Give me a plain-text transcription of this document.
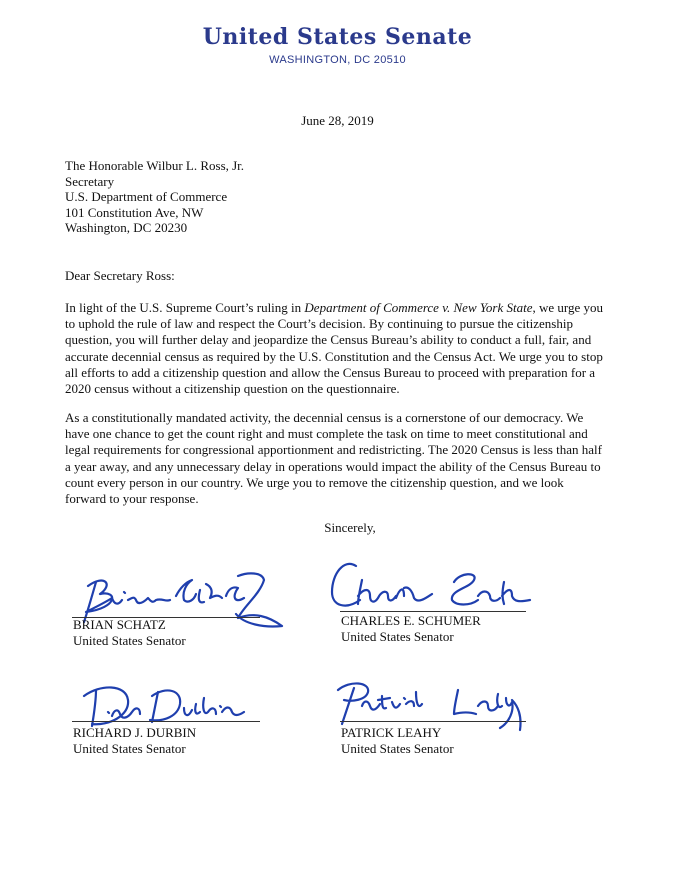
United States Senate
WASHINGTON, DC 20510
June 28, 2019
The Honorable Wilbur L. Ross, Jr.
Secretary
U.S. Department of Commerce
101 Constitution Ave, NW
Washington, DC 20230
Dear Secretary Ross:

In light of the U.S. Supreme Court’s ruling in Department of Commerce v. New York State, we urge you to uphold the rule of law and respect the Court’s decision. By continuing to pursue the citizenship question, you will further delay and jeopardize the Census Bureau’s ability to conduct a full, fair, and accurate decennial census as required by the U.S. Constitution and the Census Act. We urge you to stop all efforts to add a citizenship question and allow the Census Bureau to proceed with preparation for a 2020 census without a citizenship question on the questionnaire.

As a constitutionally mandated activity, the decennial census is a cornerstone of our democracy. We have one chance to get the count right and must complete the task on time to meet constitutional and legal requirements for congressional apportionment and redistricting. The 2020 Census is less than half a year away, and any unnecessary delay in operations would impact the ability of the Census Bureau to count every person in our country. We urge you to remove the citizenship question, and we look forward to your response.

Sincerely,
BRIAN SCHATZ
United States Senator
CHARLES E. SCHUMER
United States Senator
RICHARD J. DURBIN
United States Senator
PATRICK LEAHY
United States Senator
